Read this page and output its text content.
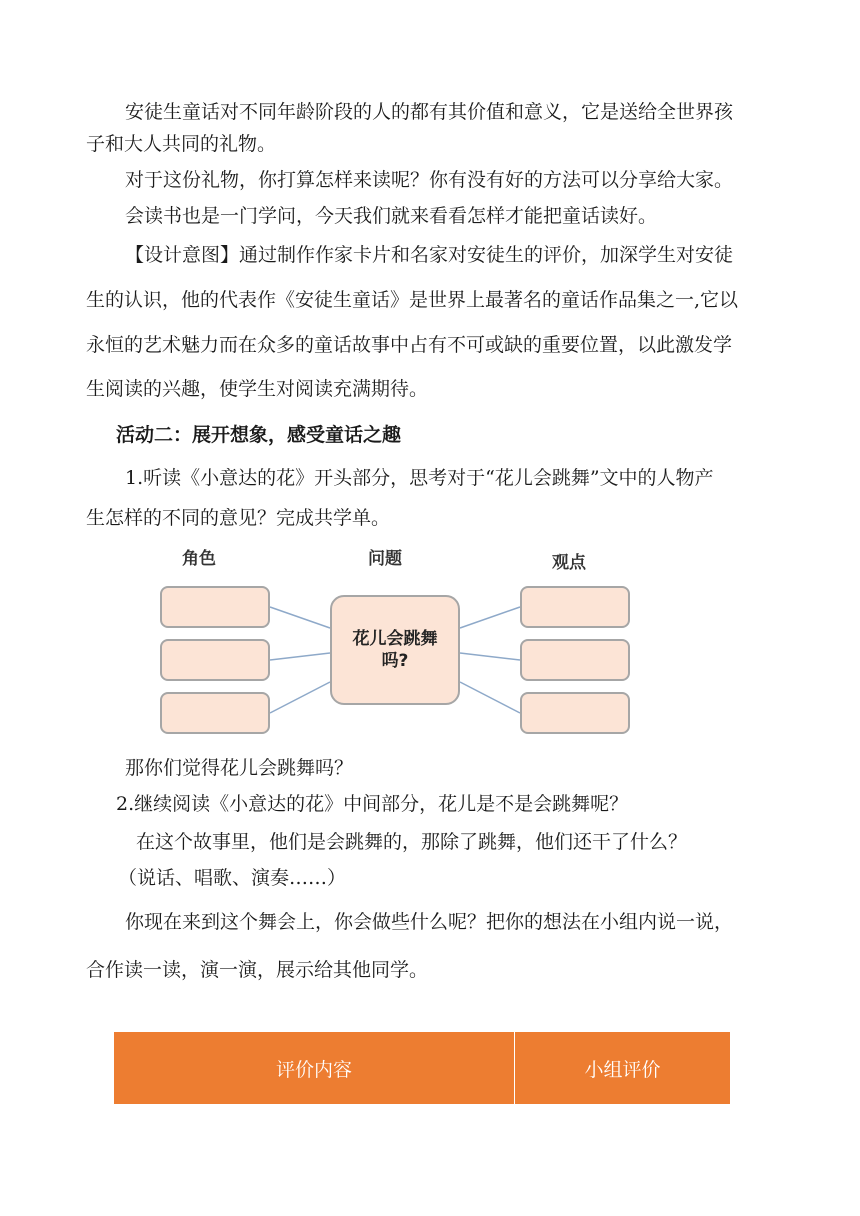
安徒生童话对不同年龄阶段的人的都有其价值和意义，它是送给全世界孩
子和大人共同的礼物。
对于这份礼物，你打算怎样来读呢？你有没有好的方法可以分享给大家。
会读书也是一门学问，今天我们就来看看怎样才能把童话读好。
【设计意图】通过制作作家卡片和名家对安徒生的评价，加深学生对安徒
生的认识，他的代表作《安徒生童话》是世界上最著名的童话作品集之一,它以
永恒的艺术魅力而在众多的童话故事中占有不可或缺的重要位置，以此激发学
生阅读的兴趣，使学生对阅读充满期待。
活动二：展开想象，感受童话之趣
1.听读《小意达的花》开头部分，思考对于“花儿会跳舞”文中的人物产
生怎样的不同的意见？完成共学单。
角色	问题	观点
花儿会跳舞吗?
那你们觉得花儿会跳舞吗？
2.继续阅读《小意达的花》中间部分，花儿是不是会跳舞呢？
在这个故事里，他们是会跳舞的，那除了跳舞，他们还干了什么？
（说话、唱歌、演奏……）
你现在来到这个舞会上，你会做些什么呢？把你的想法在小组内说一说，
合作读一读，演一演，展示给其他同学。
评价内容	小组评价
